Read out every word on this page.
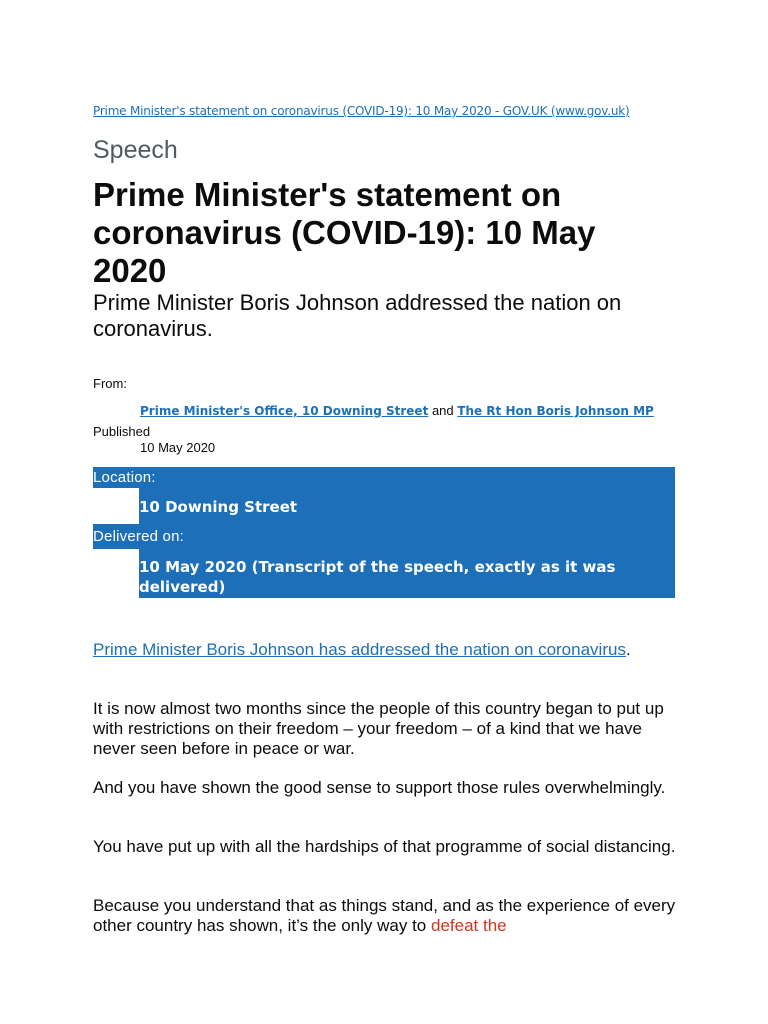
Prime Minister's statement on coronavirus (COVID-19): 10 May 2020 - GOV.UK (www.gov.uk)
Speech
Prime Minister's statement on coronavirus (COVID-19): 10 May 2020
Prime Minister Boris Johnson addressed the nation on coronavirus.
From:
Prime Minister's Office, 10 Downing Street and The Rt Hon Boris Johnson MP
Published
10 May 2020
Location:
10 Downing Street
Delivered on:
10 May 2020 (Transcript of the speech, exactly as it was delivered)

Prime Minister Boris Johnson has addressed the nation on coronavirus.

It is now almost two months since the people of this country began to put up with restrictions on their freedom – your freedom – of a kind that we have never seen before in peace or war.

And you have shown the good sense to support those rules overwhelmingly.

You have put up with all the hardships of that programme of social distancing.

Because you understand that as things stand, and as the experience of every other country has shown, it’s the only way to defeat the
